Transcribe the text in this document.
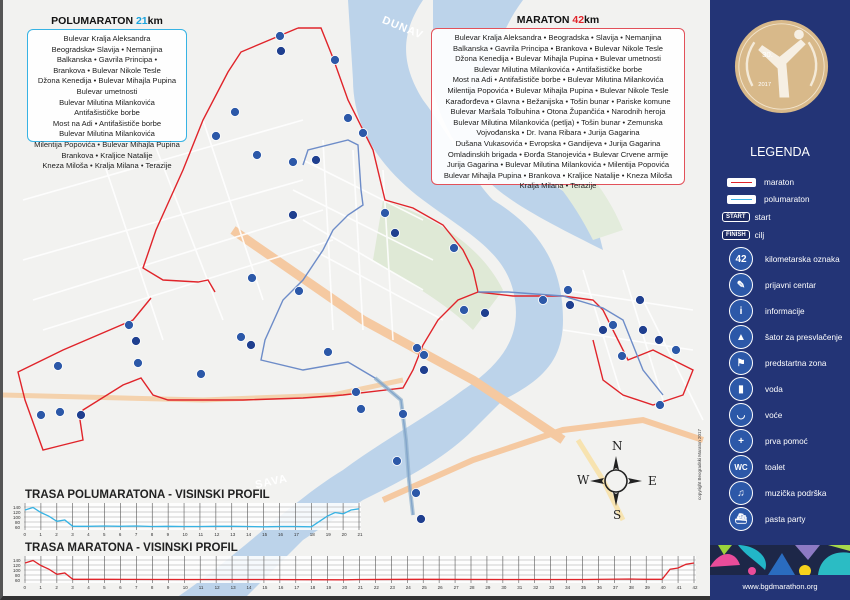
DUNAV
SAVA
POLUMARATON 21km
Bulevar Kralja Aleksandra
Beogradska• Slavija • Nemanjina
Balkanska • Gavrila Principa •
Brankova • Bulevar Nikole Tesle
Džona Kenedija • Bulevar Mihajla Pupina
Bulevar umetnosti
Bulevar Milutina Milankovića
Antifašističke borbe
Most na Adi • Antifašističe borbe
Bulevar Milutina Milankovića
Milentija Popovića • Bulevar Mihajla Pupina
Brankova • Kraljice Natalije
Kneza Miloša • Kralja Milana • Terazije
MARATON 42km
Bulevar Kralja Aleksandra • Beogradska • Slavija • Nemanjina
Balkanska • Gavrila Principa • Brankova • Bulevar Nikole Tesle
Džona Kenedija • Bulevar Mihajla Pupina • Bulevar umetnosti
Bulevar Milutina Milankovića • Antifašističke borbe
Most na Adi • Antifašističe borbe • Bulevar Milutina Milankovića
Milentija Popovića • Bulevar Mihajla Pupina • Bulevar Nikole Tesle
Karađorđeva • Glavna • Bežanijska • Tošin bunar • Pariske komune
Bulevar Maršala Tolbuhina • Otona Župančića • Narodnih heroja
Bulevar Milutina Milankovića (petlja) • Tošin bunar • Zemunska
Vojvođanska • Dr. Ivana Ribara • Jurija Gagarina
Dušana Vukasovića • Evropska • Gandijeva • Jurija Gagarina
Omladinskih brigada • Đorđa Stanojevića • Bulevar Crvene armije
Jurija Gagarina • Bulevar Milutina Milankovića • Milentija Popovića
Bulevar Mihajla Pupina • Brankova • Kraljice Natalije • Kneza Miloša
Kralja Milana • Terazije
N
W	E
S
TRASA POLUMARATONA - VISINSKI PROFIL
0	1	2	3	4	5	6	7	8	9	10 11 12 13 14 15 16 17 18 19 20 21
140
120
100
80
60
TRASA MARATONA - VISINSKI PROFIL
0	1	2	3	4	5	6	7	8	9	10 11	12 13 14 15 16 17 18 19 20 21 22 23 24 25 26 27 28 29 30 31 32 33 34 35 36 37 38 39 40 41 42
140
120
100
80
60
copyright Beogradski Maraton 2017
30.
2017
LEGENDA
maraton
polumaraton
START	start
FINISH	cilj
42	kilometarska oznaka
✎	prijavni centar
i	informacije
▲	šator za presvlačenje
⚑	predstartna zona
▮	voda
◡	voće
+	prva pomoć
WC	toalet
♫	muzička podrška
⛴	pasta party
www.bgdmarathon.org
